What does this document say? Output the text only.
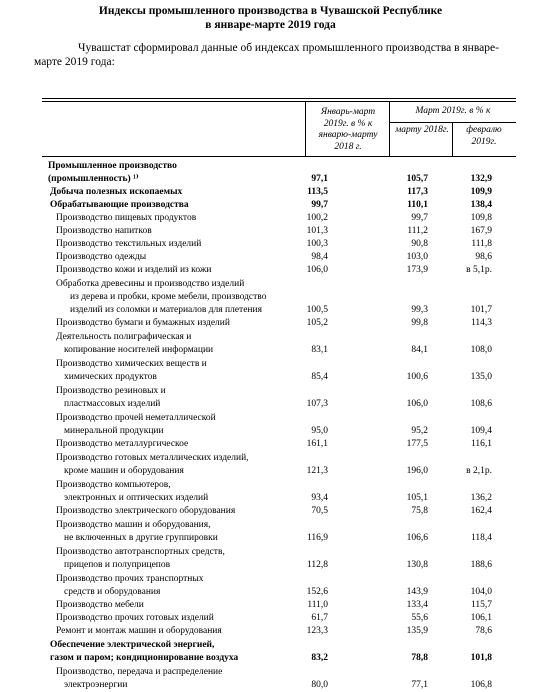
Индексы промышленного производства в Чувашской Республике
в январе-марте 2019 года
Чувашстат сформировал данные об индексах промышленного производства в январе-марте 2019 года:
Январь-март 2019г. в % к январю-марту 2018 г.
Март 2019г. в % к
марту 2018г.	февралю 2019г.
Промышленное производство
(промышленность) ¹⁾	97,1	105,7	132,9
Добыча полезных ископаемых	113,5	117,3	109,9
Обрабатывающие производства	99,7	110,1	138,4
Производство пищевых продуктов	100,2	99,7	109,8
Производство напитков	101,3	111,2	167,9
Производство текстильных изделий	100,3	90,8	111,8
Производство одежды	98,4	103,0	98,6
Производство кожи и изделий из кожи	106,0	173,9	в 5,1р.
Обработка древесины и производство изделий
из дерева и пробки, кроме мебели, производство
изделий из соломки и материалов для плетения	100,5	99,3	101,7
Производство бумаги и бумажных изделий	105,2	99,8	114,3
Деятельность полиграфическая и
копирование носителей информации	83,1	84,1	108,0
Производство химических веществ и
химических продуктов	85,4	100,6	135,0
Производство резиновых и
пластмассовых изделий	107,3	106,0	108,6
Производство прочей неметаллической
минеральной продукции	95,0	95,2	109,4
Производство металлургическое	161,1	177,5	116,1
Производство готовых металлических изделий,
кроме машин и оборудования	121,3	196,0	в 2,1р.
Производство компьютеров,
электронных и оптических изделий	93,4	105,1	136,2
Производство электрического оборудования	70,5	75,8	162,4
Производство машин и оборудования,
не включенных в другие группировки	116,9	106,6	118,4
Производство автотранспортных средств,
прицепов и полуприцепов	112,8	130,8	188,6
Производство прочих транспортных
средств и оборудования	152,6	143,9	104,0
Производство мебели	111,0	133,4	115,7
Производство прочих готовых изделий	61,7	55,6	106,1
Ремонт и монтаж машин и оборудования	123,3	135,9	78,6
Обеспечение электрической энергией,
газом и паром; кондиционирование воздуха	83,2	78,8	101,8
Производство, передача и распределение
электроэнергии	80,0	77,1	106,8
